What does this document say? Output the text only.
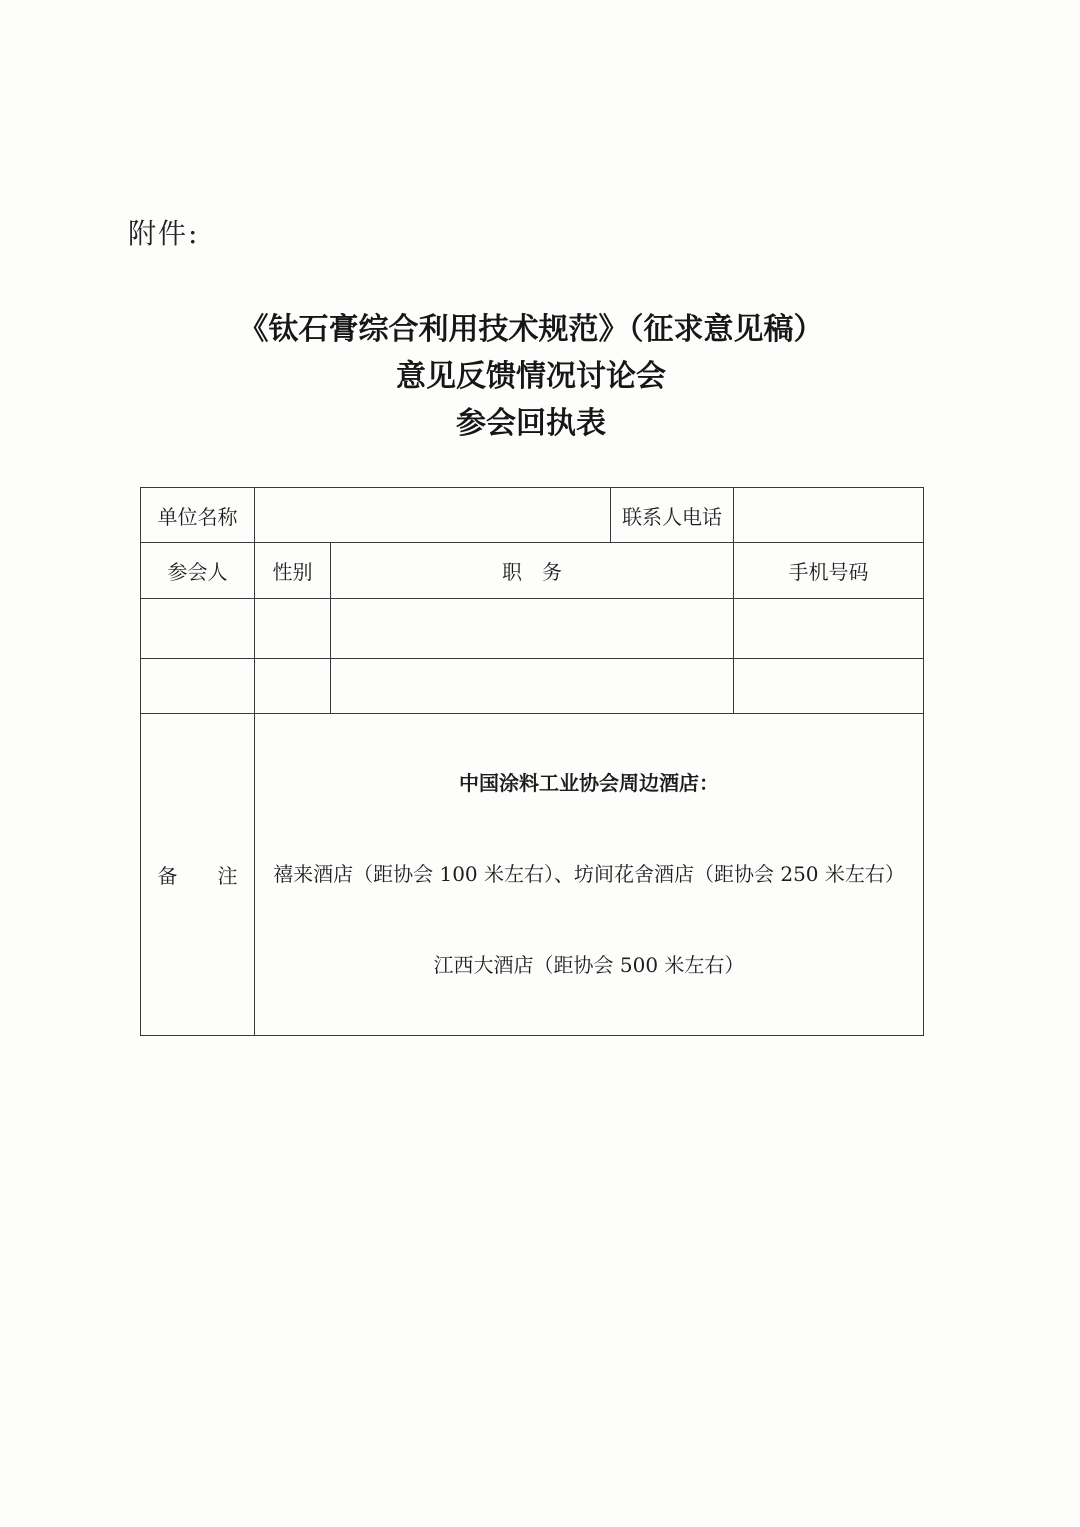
附件:
《钛石膏综合利用技术规范》（征求意见稿）
意见反馈情况讨论会
参会回执表
单位名称			联系人电话	
参会人	性别	职　务		手机号码

备　　注	中国涂料工业协会周边酒店：

禧来酒店（距协会 100 米左右）、坊间花舍酒店（距协会 250 米左右）

江西大酒店（距协会 500 米左右）			
